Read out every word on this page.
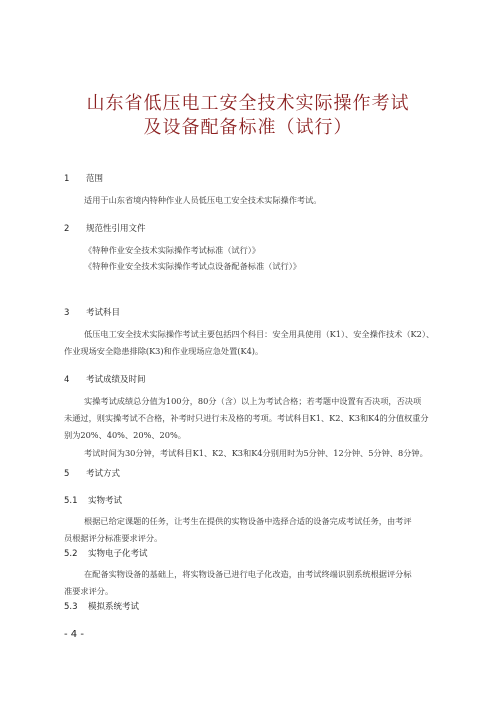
山东省低压电工安全技术实际操作考试
及设备配备标准（试行）
1 范围
适用于山东省境内特种作业人员低压电工安全技术实际操作考试。
2 规范性引用文件
《特种作业安全技术实际操作考试标准（试行）》
《特种作业安全技术实际操作考试点设备配备标准（试行）》
3 考试科目
低压电工安全技术实际操作考试主要包括四个科目：安全用具使用（K1）、安全操作技术（K2）、
作业现场安全隐患排除(K3)和作业现场应急处置(K4)。
4 考试成绩及时间
实操考试成绩总分值为100分，80分（含）以上为考试合格；若考题中设置有否决项，否决项
未通过，则实操考试不合格，补考时只进行未及格的考项。考试科目K1、K2、K3和K4的分值权重分
别为20%、40%、20%、20%。
考试时间为30分钟，考试科目K1、K2、K3和K4分别用时为5分钟、12分钟、5分钟、8分钟。
5 考试方式
5.1 实物考试
根据已给定课题的任务，让考生在提供的实物设备中选择合适的设备完成考试任务，由考评
员根据评分标准要求评分。
5.2 实物电子化考试
在配备实物设备的基础上，将实物设备已进行电子化改造，由考试终端识别系统根据评分标
准要求评分。
5.3 模拟系统考试
- 4 -
